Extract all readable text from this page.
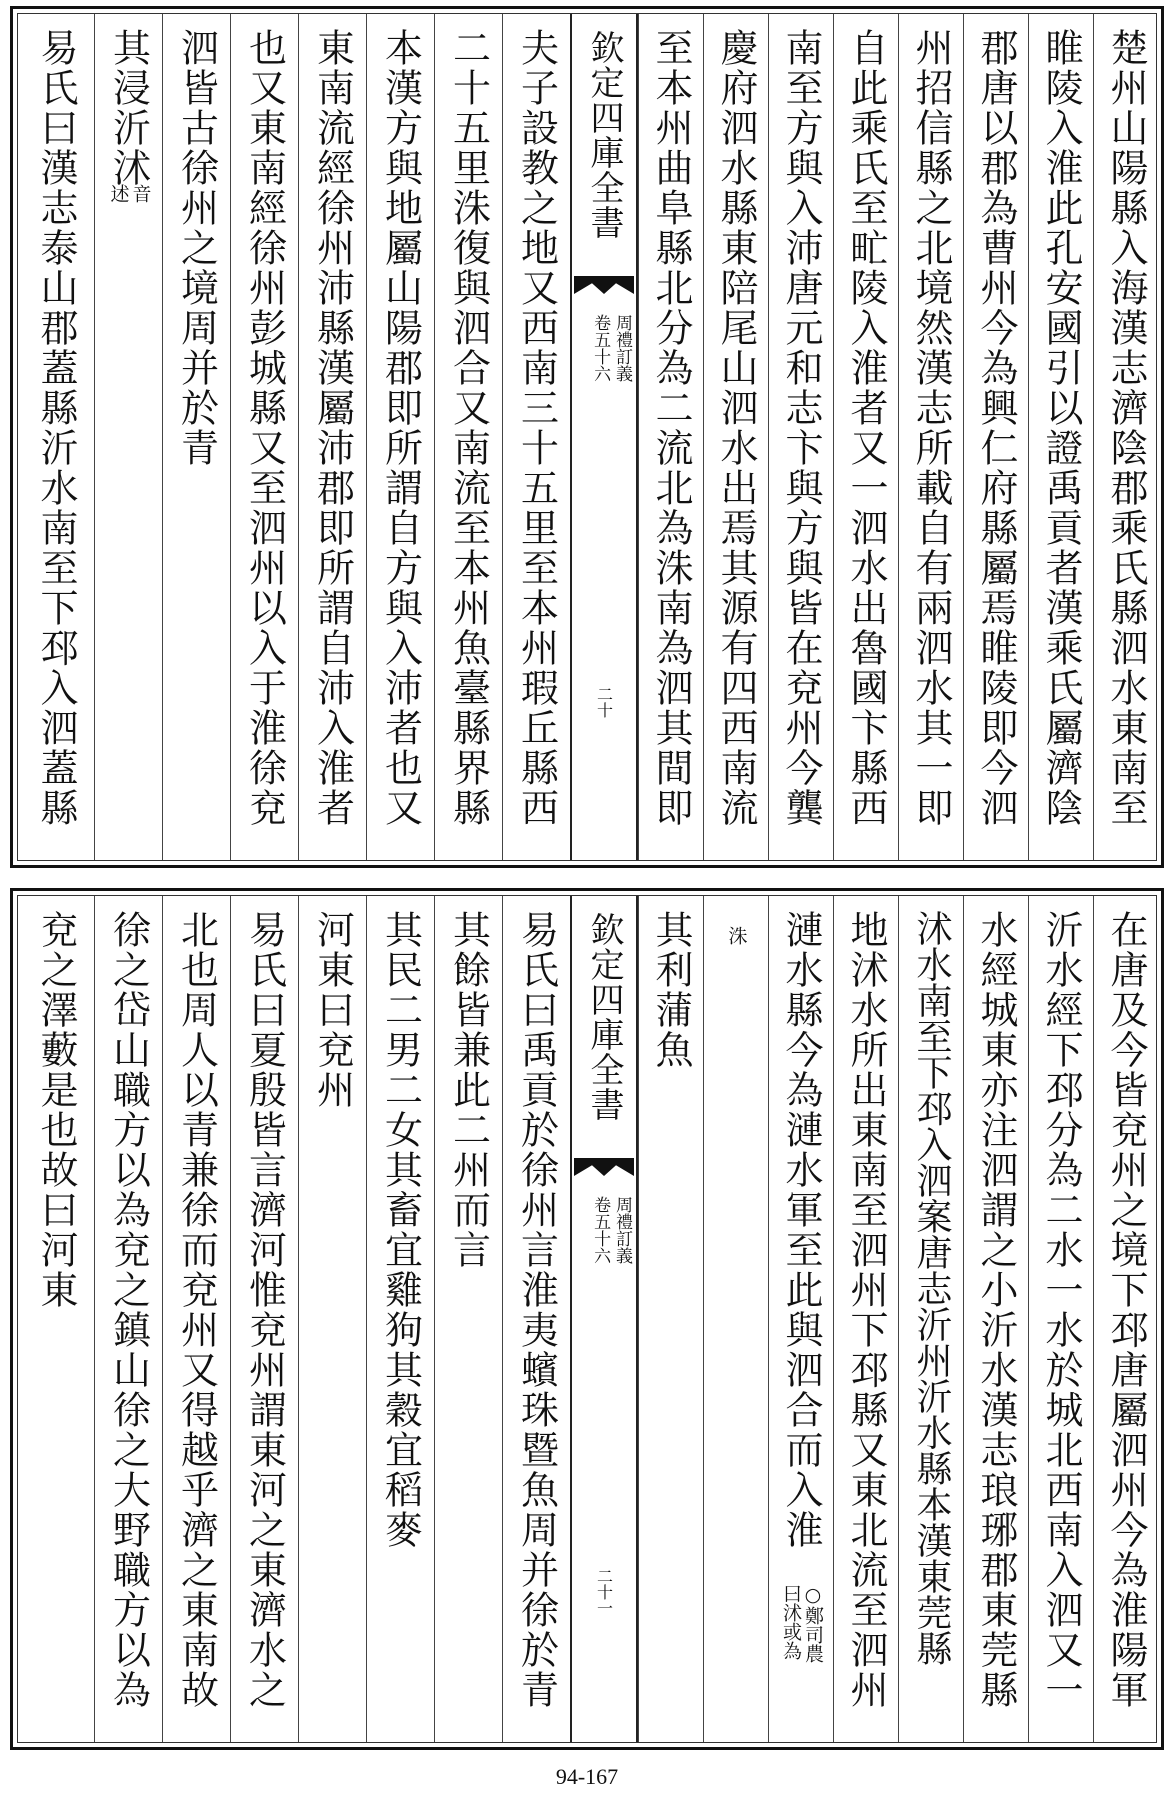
楚州山陽縣入海漢志濟陰郡乘氏縣泗水東南至
睢陵入淮此孔安國引以證禹貢者漢乘氏屬濟陰
郡唐以郡為曹州今為興仁府縣屬焉睢陵即今泗
州招信縣之北境然漢志所載自有兩泗水其一即
自此乘氏至甿陵入淮者又一泗水出魯國卞縣西
南至方與入沛唐元和志卞與方與皆在兗州今龔
慶府泗水縣東陪尾山泗水出焉其源有四西南流
至本州曲阜縣北分為二流北為洙南為泗其間即
欽定四庫全書
周禮訂義
卷五十六
二十
夫子設教之地又西南三十五里至本州瑕丘縣西
二十五里洙復與泗合又南流至本州魚臺縣界縣
本漢方與地屬山陽郡即所謂自方與入沛者也又
東南流經徐州沛縣漢屬沛郡即所謂自沛入淮者
也又東南經徐州彭城縣又至泗州以入于淮徐兗
泗皆古徐州之境周并於青
其浸沂沭
音
述
易氏曰漢志泰山郡蓋縣沂水南至下邳入泗蓋縣
在唐及今皆兗州之境下邳唐屬泗州今為淮陽軍
沂水經下邳分為二水一水於城北西南入泗又一
水經城東亦注泗謂之小沂水漢志琅琊郡東莞縣
沭水南至下邳入泗案唐志沂州沂水縣本漢東莞縣
地沭水所出東南至泗州下邳縣又東北流至泗州
漣水縣今為漣水軍至此與泗合而入淮
○鄭司農
曰沭或為
洙
其利蒲魚
欽定四庫全書
周禮訂義
卷五十六
二十一
易氏曰禹貢於徐州言淮夷蠙珠暨魚周并徐於青
其餘皆兼此二州而言
其民二男二女其畜宜雞狗其穀宜稻麥
河東曰兗州
易氏曰夏殷皆言濟河惟兗州謂東河之東濟水之
北也周人以青兼徐而兗州又得越乎濟之東南故
徐之岱山職方以為兗之鎮山徐之大野職方以為
兗之澤藪是也故曰河東
94-167
